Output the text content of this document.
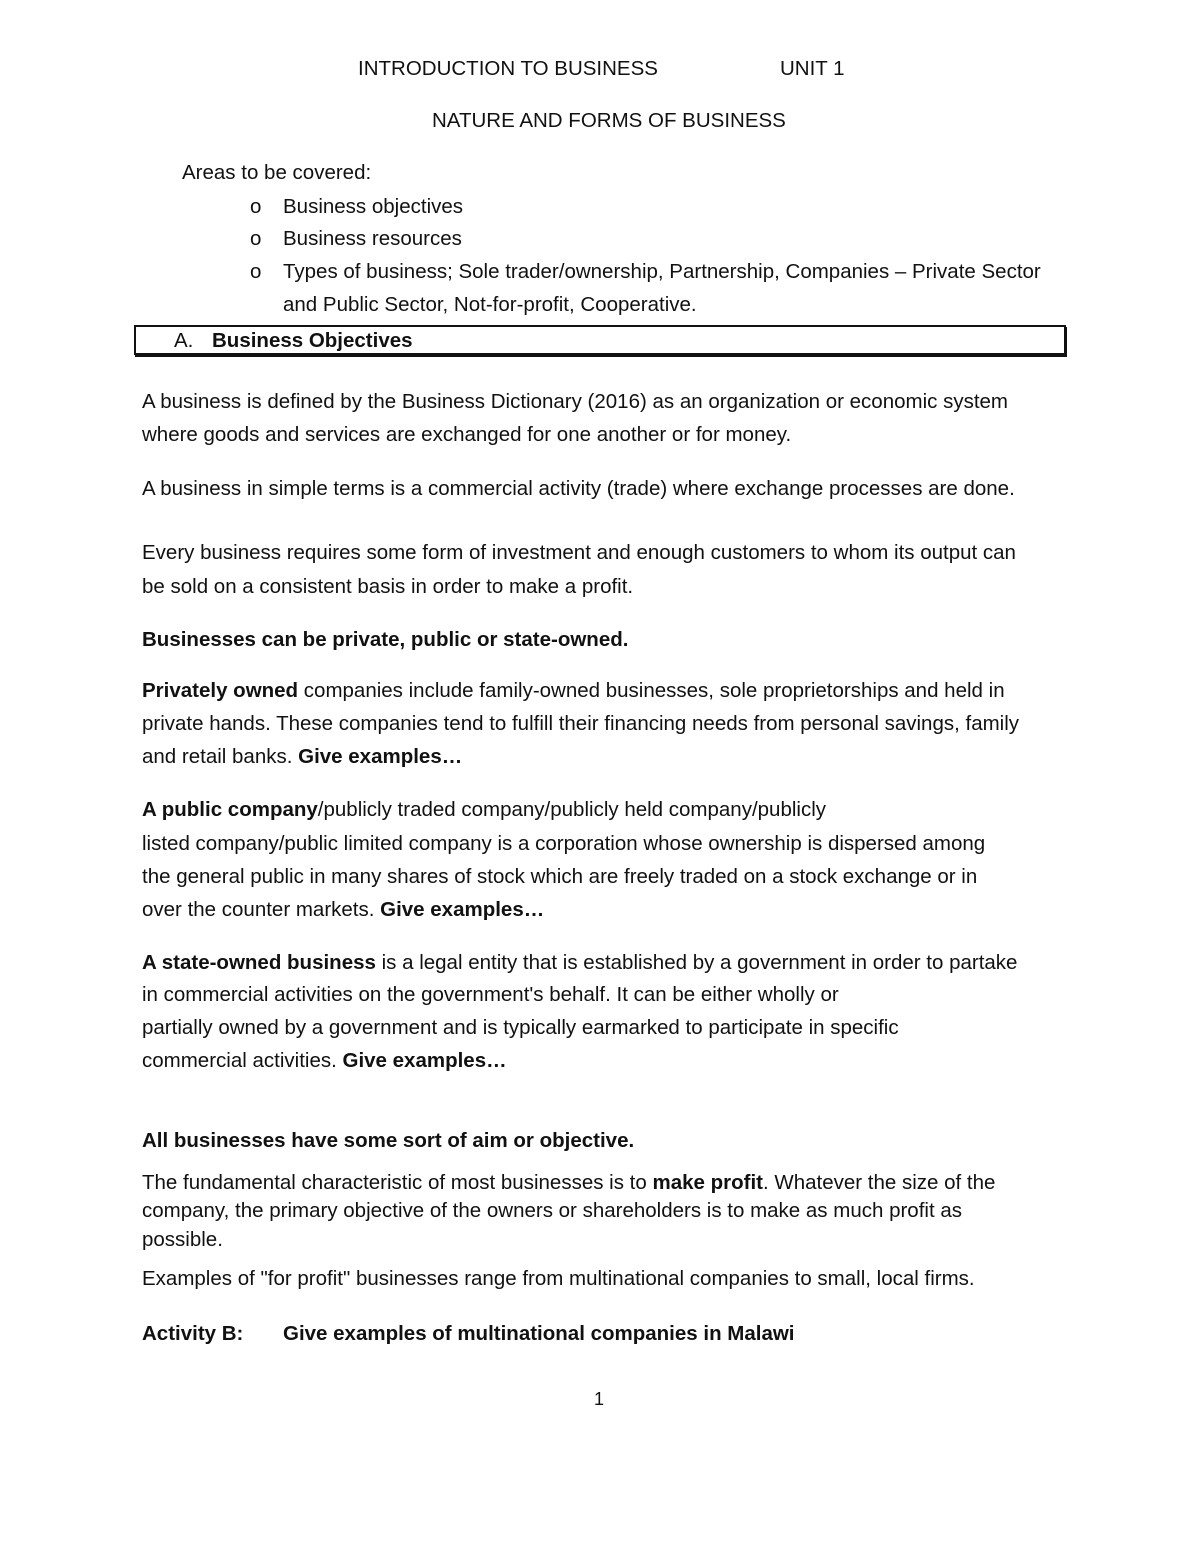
INTRODUCTION TO BUSINESS	UNIT 1
NATURE AND FORMS OF BUSINESS
Areas to be covered:
o Business objectives
o Business resources
o Types of business; Sole trader/ownership, Partnership, Companies – Private Sector
and Public Sector, Not-for-profit, Cooperative.
A. Business Objectives
A business is defined by the Business Dictionary (2016) as an organization or economic system
where goods and services are exchanged for one another or for money.
A business in simple terms is a commercial activity (trade) where exchange processes are done.
Every business requires some form of investment and enough customers to whom its output can
be sold on a consistent basis in order to make a profit.
Businesses can be private, public or state-owned.
Privately owned companies include family-owned businesses, sole proprietorships and held in
private hands. These companies tend to fulfill their financing needs from personal savings, family
and retail banks. Give examples…
A public company/publicly traded company/publicly held company/publicly
listed company/public limited company is a corporation whose ownership is dispersed among
the general public in many shares of stock which are freely traded on a stock exchange or in
over the counter markets. Give examples…
A state-owned business is a legal entity that is established by a government in order to partake
in commercial activities on the government's behalf. It can be either wholly or
partially owned by a government and is typically earmarked to participate in specific
commercial activities. Give examples…
All businesses have some sort of aim or objective.
The fundamental characteristic of most businesses is to make profit. Whatever the size of the
company, the primary objective of the owners or shareholders is to make as much profit as
possible.
Examples of "for profit" businesses range from multinational companies to small, local firms.
Activity B: Give examples of multinational companies in Malawi
1
